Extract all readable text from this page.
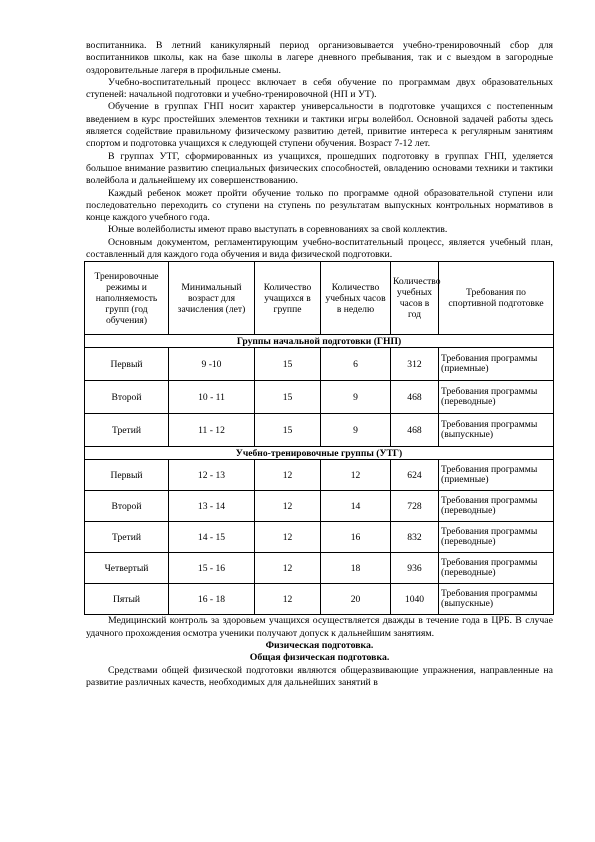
воспитанника. В летний каникулярный период организовывается учебно-тренировочный сбор для воспитанников школы, как на базе школы в лагере дневного пребывания, так и с выездом в загородные оздоровительные лагеря в профильные смены.

Учебно-воспитательный процесс включает в себя обучение по программам двух образовательных ступеней: начальной подготовки и учебно-тренировочной (НП и УТ).

Обучение в группах ГНП носит характер универсальности в подготовке учащихся с постепенным введением в курс простейших элементов техники и тактики игры волейбол. Основной задачей работы здесь является содействие правильному физическому развитию детей, привитие интереса к регулярным занятиям спортом и подготовка учащихся к следующей ступени обучения. Возраст 7-12 лет.

В группах УТГ, сформированных из учащихся, прошедших подготовку в группах ГНП, уделяется большое внимание развитию специальных физических способностей, овладению основами техники и тактики волейбола и дальнейшему их совершенствованию.

Каждый ребенок может пройти обучение только по программе одной образовательной ступени или последовательно переходить со ступени на ступень по результатам выпускных контрольных нормативов в конце каждого учебного года.

Юные волейболисты имеют право выступать в соревнованиях за свой коллектив.

Основным документом, регламентирующим учебно-воспитательный процесс, является учебный план, составленный для каждого года обучения и вида физической подготовки.

Тренировочные режимы и наполняемость групп (год обучения)	Минимальный возраст для зачисления (лет)	Количество учащихся в группе	Количество учебных часов в неделю	Количество учебных часов в год	Требования по спортивной подготовке
Группы начальной подготовки (ГНП)					
Первый	9 -10	15	6	312	Требования программы (приемные)
Второй	10 - 11	15	9	468	Требования программы (переводные)
Третий	11 - 12	15	9	468	Требования программы (выпускные)
Учебно-тренировочные группы (УТГ)					
Первый	12 - 13	12	12	624	Требования программы (приемные)
Второй	13 - 14	12	14	728	Требования программы (переводные)
Третий	14 - 15	12	16	832	Требования программы (переводные)
Четвертый	15 - 16	12	18	936	Требования программы (переводные)
Пятый	16 - 18	12	20	1040	Требования программы (выпускные)

Медицинский контроль за здоровьем учащихся осуществляется дважды в течение года в ЦРБ. В случае удачного прохождения осмотра ученики получают допуск к дальнейшим занятиям.

Физическая подготовка.
Общая физическая подготовка.

Средствами общей физической подготовки являются общеразвивающие упражнения, направленные на развитие различных качеств, необходимых для дальнейших занятий в
